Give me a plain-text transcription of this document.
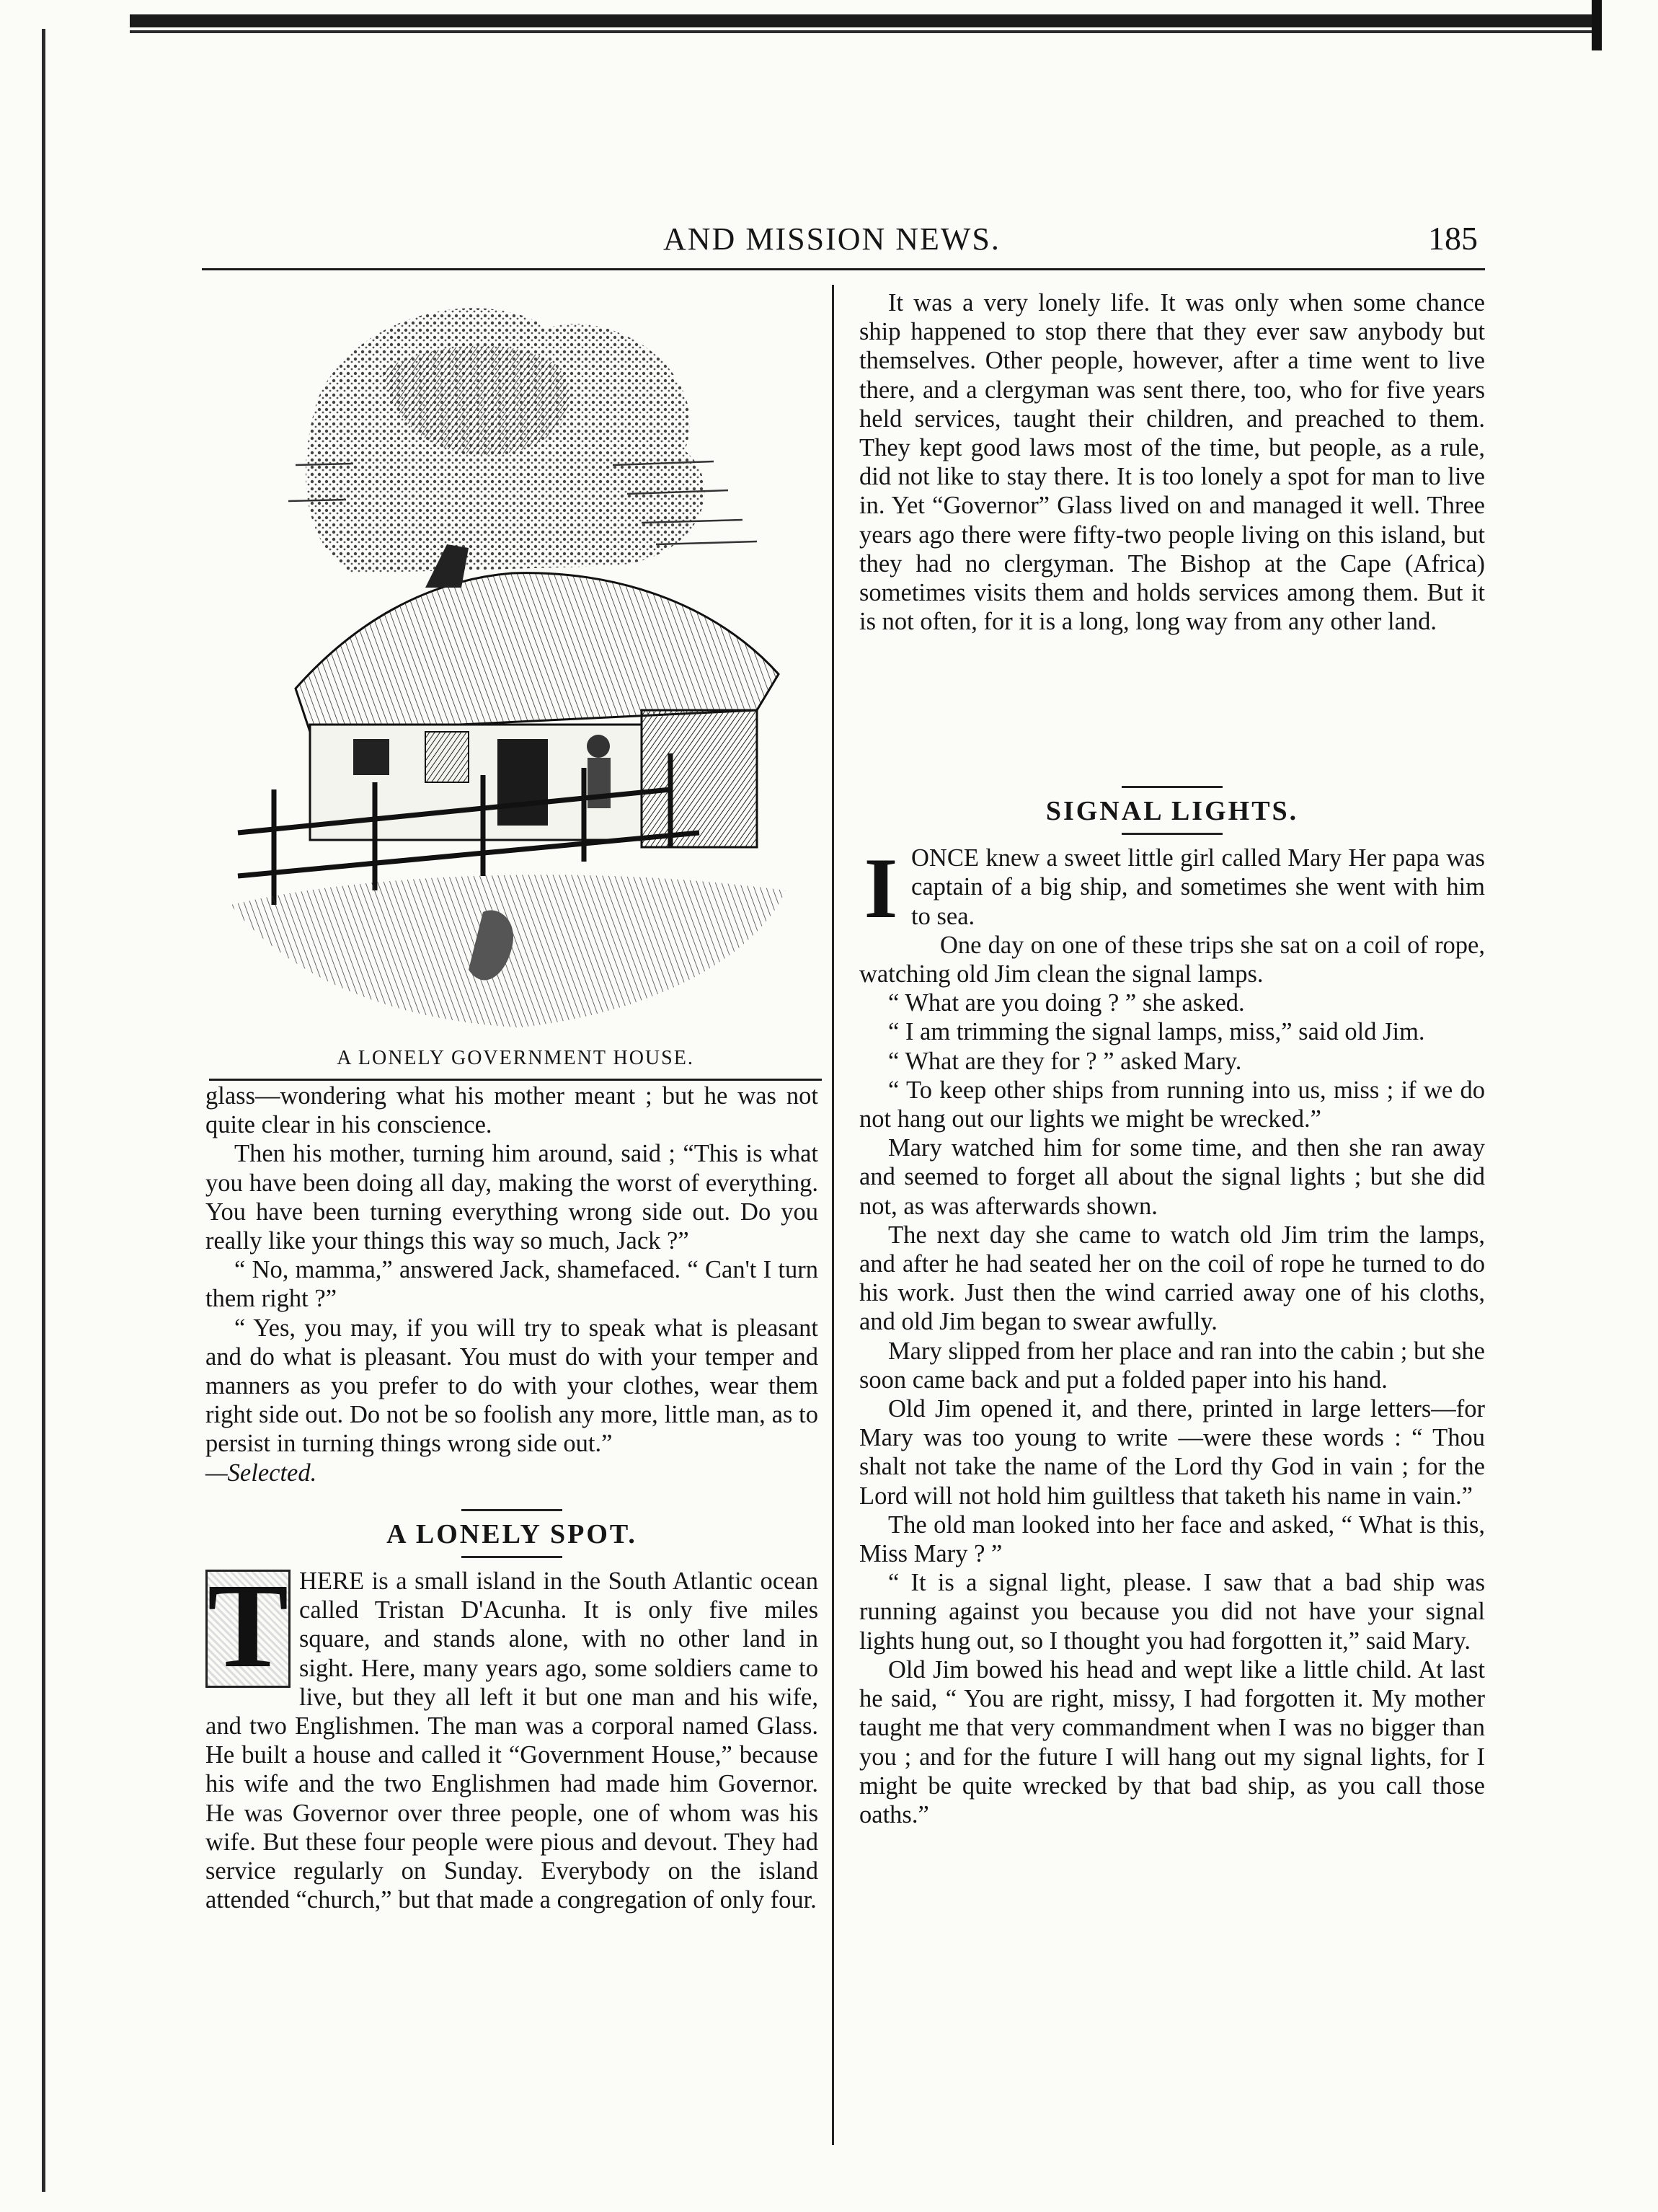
AND MISSION NEWS.	185
A LONELY GOVERNMENT HOUSE.

glass—wondering what his mother meant ; but he was not quite clear in his conscience.

Then his mother, turning him around, said ; “This is what you have been doing all day, making the worst of everything. You have been turning everything wrong side out. Do you really like your things this way so much, Jack ?”

“ No, mamma,” answered Jack, shamefaced. “ Can't I turn them right ?”

“ Yes, you may, if you will try to speak what is pleasant and do what is pleasant. You must do with your temper and manners as you prefer to do with your clothes, wear them right side out. Do not be so foolish any more, little man, as to persist in turning things wrong side out.”

—Selected.

A LONELY SPOT.
T HERE is a small island in the South Atlantic ocean called Tristan D'Acunha. It is only five miles square, and stands alone, with no other land in sight. Here, many years ago, some soldiers came to live, but they all left it but one man and his wife, and two Englishmen. The man was a corporal named Glass. He built a house and called it “Government House,” because his wife and the two Englishmen had made him Governor. He was Governor over three people, one of whom was his wife. But these four people were pious and devout. They had service regularly on Sunday. Everybody on the island attended “church,” but that made a congregation of only four.

It was a very lonely life. It was only when some chance ship happened to stop there that they ever saw anybody but themselves. Other people, however, after a time went to live there, and a clergyman was sent there, too, who for five years held services, taught their children, and preached to them. They kept good laws most of the time, but people, as a rule, did not like to stay there. It is too lonely a spot for man to live in. Yet “Governor” Glass lived on and managed it well. Three years ago there were fifty-two people living on this island, but they had no clergyman. The Bishop at the Cape (Africa) sometimes visits them and holds services among them. But it is not often, for it is a long, long way from any other land.

SIGNAL LIGHTS.
I ONCE knew a sweet little girl called Mary Her papa was captain of a big ship, and sometimes she went with him to sea.

One day on one of these trips she sat on a coil of rope, watching old Jim clean the signal lamps.

“ What are you doing ? ” she asked.

“ I am trimming the signal lamps, miss,” said old Jim.

“ What are they for ? ” asked Mary.

“ To keep other ships from running into us, miss ; if we do not hang out our lights we might be wrecked.”

Mary watched him for some time, and then she ran away and seemed to forget all about the signal lights ; but she did not, as was afterwards shown.

The next day she came to watch old Jim trim the lamps, and after he had seated her on the coil of rope he turned to do his work. Just then the wind carried away one of his cloths, and old Jim began to swear awfully.

Mary slipped from her place and ran into the cabin ; but she soon came back and put a folded paper into his hand.

Old Jim opened it, and there, printed in large letters—for Mary was too young to write —were these words : “ Thou shalt not take the name of the Lord thy God in vain ; for the Lord will not hold him guiltless that taketh his name in vain.”

The old man looked into her face and asked, “ What is this, Miss Mary ? ”

“ It is a signal light, please. I saw that a bad ship was running against you because you did not have your signal lights hung out, so I thought you had forgotten it,” said Mary.

Old Jim bowed his head and wept like a little child. At last he said, “ You are right, missy, I had forgotten it. My mother taught me that very commandment when I was no bigger than you ; and for the future I will hang out my signal lights, for I might be quite wrecked by that bad ship, as you call those oaths.”
